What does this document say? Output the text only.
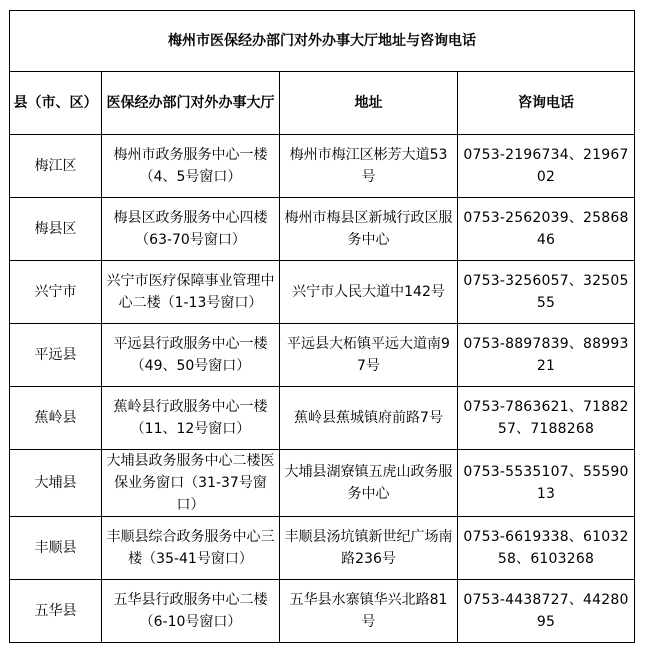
梅州市医保经办部门对外办事大厅地址与咨询电话			
县（市、区）	医保经办部门对外办事大厅	地址	咨询电话
梅江区	梅州市政务服务中心一楼（4、5号窗口）	梅州市梅江区彬芳大道53号	0753-2196734、2196702
梅县区	梅县区政务服务中心四楼（63-70号窗口）	梅州市梅县区新城行政区服务中心	0753-2562039、2586846
兴宁市	兴宁市医疗保障事业管理中心二楼（1-13号窗口）	兴宁市人民大道中142号	0753-3256057、3250555
平远县	平远县行政服务中心一楼（49、50号窗口）	平远县大柘镇平远大道南97号	0753-8897839、8899321
蕉岭县	蕉岭县行政服务中心一楼（11、12号窗口）	蕉岭县蕉城镇府前路7号	0753-7863621、7188257、7188268
大埔县	大埔县政务服务中心二楼医保业务窗口（31-37号窗口）	大埔县湖寮镇五虎山政务服务中心	0753-5535107、5559013
丰顺县	丰顺县综合政务服务中心三楼（35-41号窗口）	丰顺县汤坑镇新世纪广场南路236号	0753-6619338、6103258、6103268
五华县	五华县行政服务中心二楼（6-10号窗口）	五华县水寨镇华兴北路81号	0753-4438727、4428095
